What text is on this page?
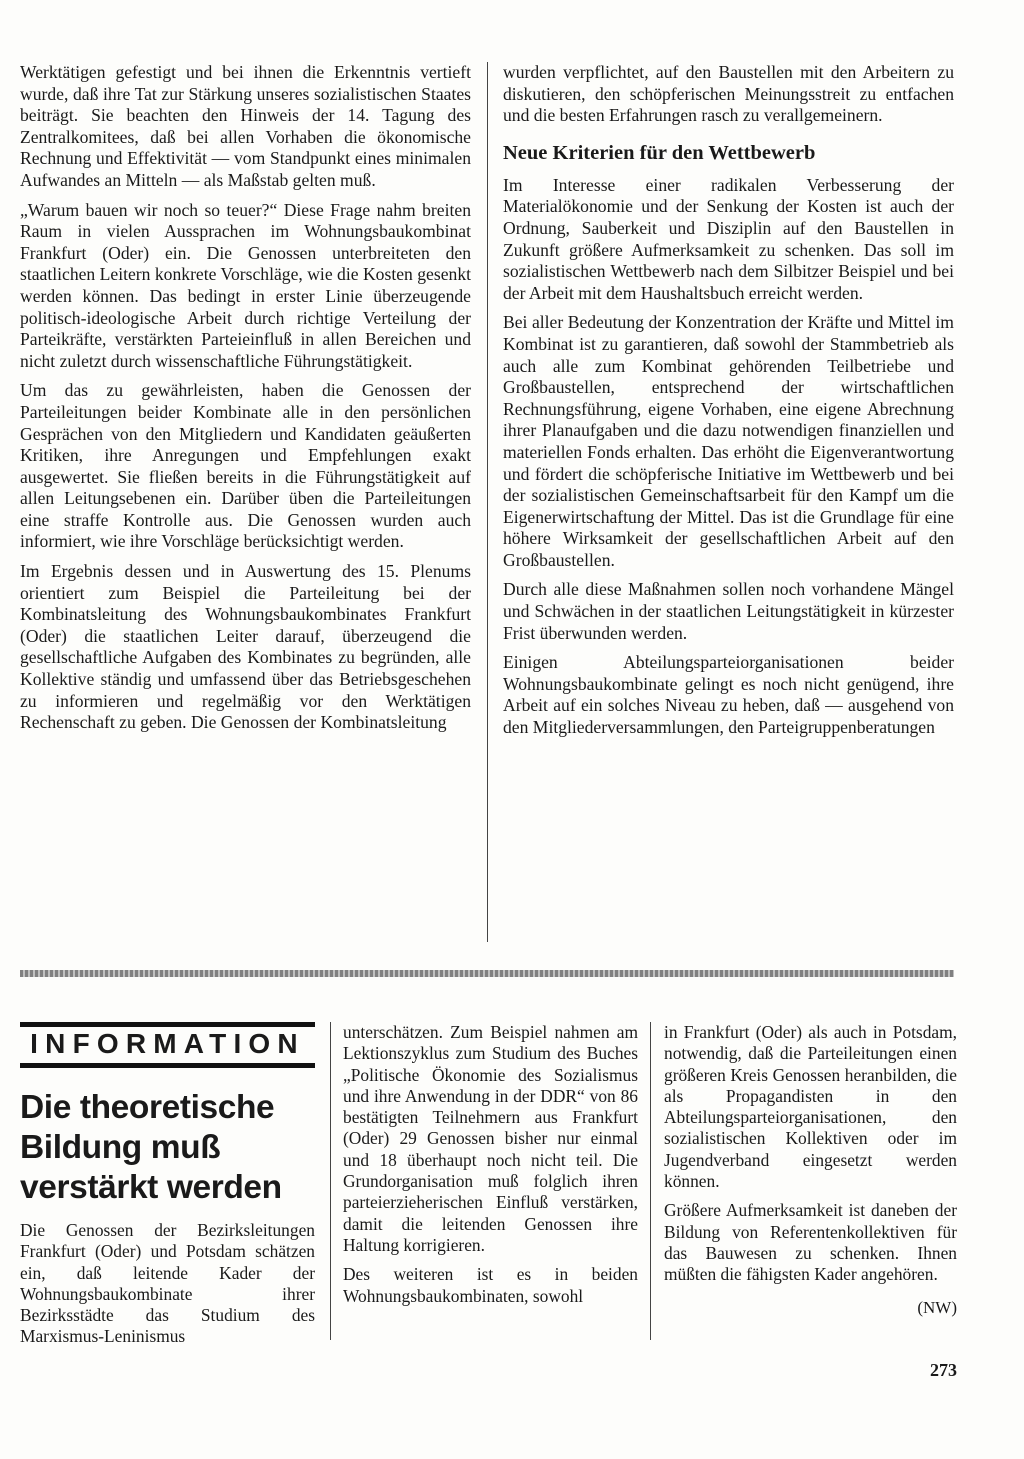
Werktätigen gefestigt und bei ihnen die Erkenntnis vertieft wurde, daß ihre Tat zur Stärkung unseres sozialistischen Staates beiträgt. Sie beachten den Hinweis der 14. Tagung des Zentralkomitees, daß bei allen Vorhaben die ökonomische Rechnung und Effektivität — vom Standpunkt eines minimalen Aufwandes an Mitteln — als Maßstab gelten muß.

„Warum bauen wir noch so teuer?“ Diese Frage nahm breiten Raum in vielen Aussprachen im Wohnungsbaukombinat Frankfurt (Oder) ein. Die Genossen unterbreiteten den staatlichen Leitern konkrete Vorschläge, wie die Kosten gesenkt werden können. Das bedingt in erster Linie überzeugende politisch-ideologische Arbeit durch richtige Verteilung der Parteikräfte, verstärkten Parteieinfluß in allen Bereichen und nicht zuletzt durch wissenschaftliche Führungstätigkeit.

Um das zu gewährleisten, haben die Genossen der Parteileitungen beider Kombinate alle in den persönlichen Gesprächen von den Mitgliedern und Kandidaten geäußerten Kritiken, ihre Anregungen und Empfehlungen exakt ausgewertet. Sie fließen bereits in die Führungstätigkeit auf allen Leitungsebenen ein. Darüber üben die Parteileitungen eine straffe Kontrolle aus. Die Genossen wurden auch informiert, wie ihre Vorschläge berücksichtigt werden.

Im Ergebnis dessen und in Auswertung des 15. Plenums orientiert zum Beispiel die Parteileitung bei der Kombinatsleitung des Wohnungsbaukombinates Frankfurt (Oder) die staatlichen Leiter darauf, überzeugend die gesellschaftliche Aufgaben des Kombinates zu begründen, alle Kollektive ständig und umfassend über das Betriebsgeschehen zu informieren und regelmäßig vor den Werktätigen Rechenschaft zu geben. Die Genossen der Kombinatsleitung

wurden verpflichtet, auf den Baustellen mit den Arbeitern zu diskutieren, den schöpferischen Meinungsstreit zu entfachen und die besten Erfahrungen rasch zu verallgemeinern.

Neue Kriterien für den Wettbewerb

Im Interesse einer radikalen Verbesserung der Materialökonomie und der Senkung der Kosten ist auch der Ordnung, Sauberkeit und Disziplin auf den Baustellen in Zukunft größere Aufmerksamkeit zu schenken. Das soll im sozialistischen Wettbewerb nach dem Silbitzer Beispiel und bei der Arbeit mit dem Haushaltsbuch erreicht werden.

Bei aller Bedeutung der Konzentration der Kräfte und Mittel im Kombinat ist zu garantieren, daß sowohl der Stammbetrieb als auch alle zum Kombinat gehörenden Teilbetriebe und Großbaustellen, entsprechend der wirtschaftlichen Rechnungsführung, eigene Vorhaben, eine eigene Abrechnung ihrer Planaufgaben und die dazu notwendigen finanziellen und materiellen Fonds erhalten. Das erhöht die Eigenverantwortung und fördert die schöpferische Initiative im Wettbewerb und bei der sozialistischen Gemeinschaftsarbeit für den Kampf um die Eigenerwirtschaftung der Mittel. Das ist die Grundlage für eine höhere Wirksamkeit der gesellschaftlichen Arbeit auf den Großbaustellen.

Durch alle diese Maßnahmen sollen noch vorhandene Mängel und Schwächen in der staatlichen Leitungstätigkeit in kürzester Frist überwunden werden.

Einigen Abteilungsparteiorganisationen beider Wohnungsbaukombinate gelingt es noch nicht genügend, ihre Arbeit auf ein solches Niveau zu heben, daß — ausgehend von den Mitgliederversammlungen, den Parteigruppenberatungen

INFORMATION
Die theoretische Bildung muß verstärkt werden

Die Genossen der Bezirksleitungen Frankfurt (Oder) und Potsdam schätzen ein, daß leitende Kader der Wohnungsbaukombinate ihrer Bezirksstädte das Studium des Marxismus-Leninismus

unterschätzen. Zum Beispiel nahmen am Lektionszyklus zum Studium des Buches „Politische Ökonomie des Sozialismus und ihre Anwendung in der DDR“ von 86 bestätigten Teilnehmern aus Frankfurt (Oder) 29 Genossen bisher nur einmal und 18 überhaupt noch nicht teil. Die Grundorganisation muß folglich ihren parteierzieherischen Einfluß verstärken, damit die leitenden Genossen ihre Haltung korrigieren.

Des weiteren ist es in beiden Wohnungsbaukombinaten, sowohl

in Frankfurt (Oder) als auch in Potsdam, notwendig, daß die Parteileitungen einen größeren Kreis Genossen heranbilden, die als Propagandisten in den Abteilungsparteiorganisationen, den sozialistischen Kollektiven oder im Jugendverband eingesetzt werden können.

Größere Aufmerksamkeit ist daneben der Bildung von Referentenkollektiven für das Bauwesen zu schenken. Ihnen müßten die fähigsten Kader angehören.

(NW)
273
